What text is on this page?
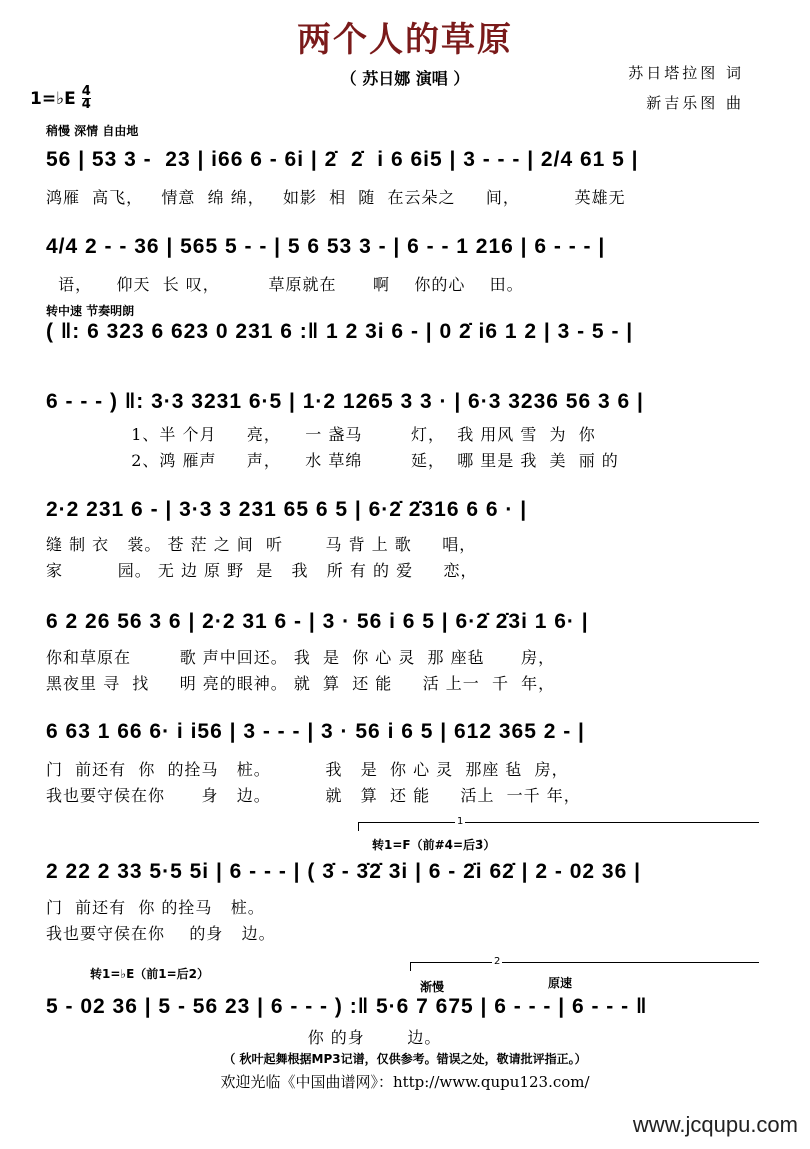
两个人的草原
（ 苏日娜 演唱 ）	苏日塔拉图 词
新吉乐图 曲
1=♭E $\frac{4}{4}$
稍慢 深情 自由地
56 | 53 3 -  23 | i66 6 - 6i | 2̇  2̇  i 6 6i5 | 3 - - - | 2/4 61 5 |
鸿雁  高飞，   情意  绵 绵，   如影  相  随  在云朵之     间，         英雄无
4/4 2 - - 36 | 565 5 - - | 5 6 53 3 - | 6 - - 1 216 | 6 - - - |
语，    仰天  长 叹，        草原就在      啊    你的心    田。
转中速 节奏明朗
( ‖: 6 323 6 623 0 231 6 :‖ 1 2 3i 6 - | 0 2̇ i6 1 2 | 3 - 5 - |
6 - - - ) ‖: 3·3 3231 6·5 | 1·2 1265 3 3 · | 6·3 3236 56 3 6 |
1、半 个月     亮，    一 盏马        灯，  我 用风 雪  为  你
2、鸿 雁声     声，    水 草绵        延，  哪 里是 我  美  丽 的
2·2 231 6 - | 3·3 3 231 65 6 5 | 6·2̇ 2̇316 6 6 · |
缝 制 衣   裳。 苍 茫 之 间  听       马 背 上 歌     唱，
家         园。 无 边 原 野  是   我   所 有 的 爱     恋，
6 2 26 56 3 6 | 2·2 31 6 - | 3 · 56 i 6 5 | 6·2̇ 2̇3i 1 6· |
你和草原在        歌 声中回还。 我  是  你 心 灵  那 座毡      房，
黑夜里 寻  找     明 亮的眼神。 就  算  还 能     活 上一  千  年，
6 63 1 66 6· i i56 | 3 - - - | 3 · 56 i 6 5 | 612 365 2 - |
门  前还有  你  的拴马   桩。         我   是  你 心 灵  那座 毡  房，
我也要守侯在你      身   边。         就   算  还 能     活上  一千 年，
1
转1=F（前#4̇=后3̇）
2 22 2 33 5·5 5i | 6 - - - | ( 3̇ - 3̇2̇ 3i | 6 - 2̇i 62̇ | 2 - 02 36 |
门  前还有  你 的拴马   桩。
我也要守侯在你    的身   边。
转1=♭E（前1=后2）
2
渐慢	原速
5 - 02 36 | 5 - 56 23 | 6 - - - ) :‖ 5·6 7 675 | 6 - - - | 6 - - - ‖
你 的身       边。
（ 秋叶起舞根据MP3记谱，仅供参考。错误之处，敬请批评指正。）
欢迎光临《中国曲谱网》：http://www.qupu123.com/
www.jcqupu.com
